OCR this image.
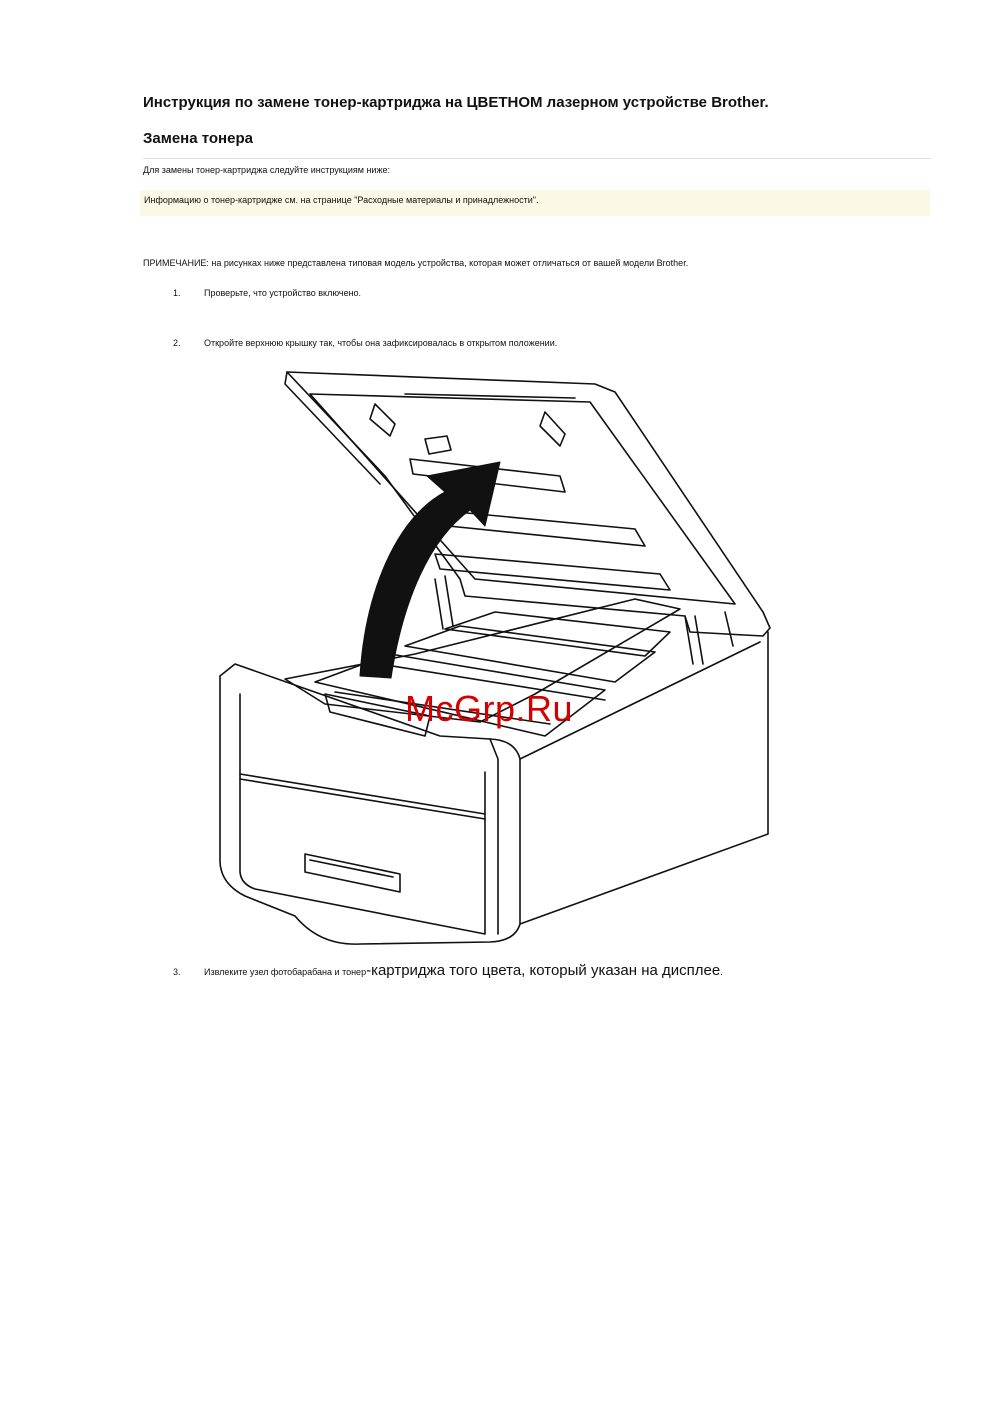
Инструкция по замене тонер-картриджа на ЦВЕТНОМ лазерном устройстве Brother.
Замена тонера
Для замены тонер-картриджа следуйте инструкциям ниже:
Информацию о тонер-картридже см. на странице "Расходные материалы и принадлежности".
ПРИМЕЧАНИЕ: на рисунках ниже представлена типовая модель устройства, которая может отличаться от вашей модели Brother.
1.	Проверьте, что устройство включено.
2.	Откройте верхнюю крышку так, чтобы она зафиксировалась в открытом положении.
McGrp.Ru
3.	Извлеките узел фотобарабана и тонер-картриджа того цвета, который указан на дисплее.
